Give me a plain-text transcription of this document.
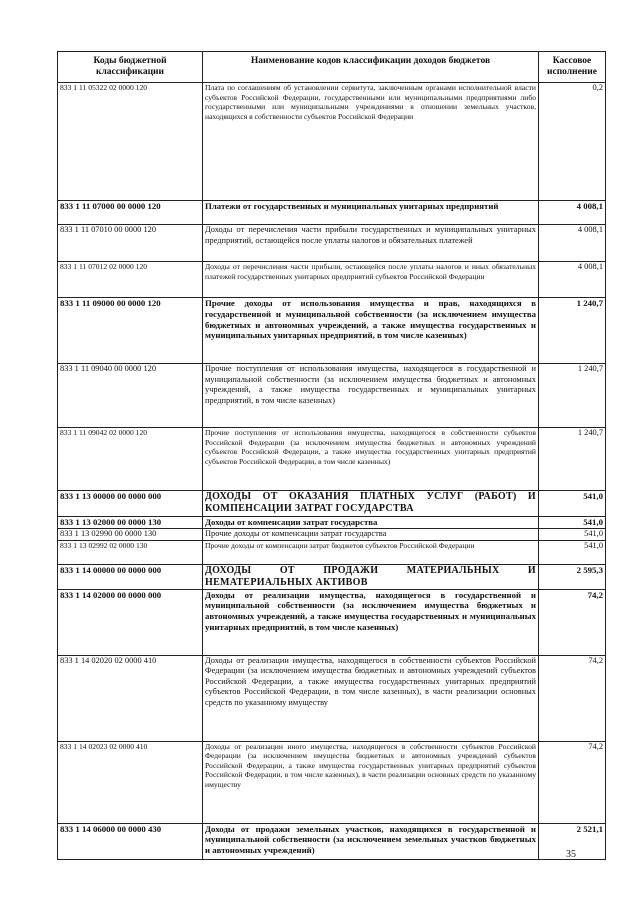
Коды бюджетной классификации	Наименование кодов классификации доходов бюджетов	Кассовое исполнение
833 1 11 05322 02 0000 120	Плата по соглашениям об установлении сервитута, заключенным органами исполнительной власти субъектов Российской Федерации, государственными или муниципальными предприятиями либо государственными или муниципальными учреждениями в отношении земельных участков, находящихся в собственности субъектов Российской Федерации	0,2
833 1 11 07000 00 0000 120	Платежи от государственных и муниципальных унитарных предприятий	4 008,1
833 1 11 07010 00 0000 120	Доходы от перечисления части прибыли государственных и муниципальных унитарных предприятий, остающейся после уплаты налогов и обязательных платежей	4 008,1
833 1 11 07012 02 0000 120	Доходы от перечисления части прибыли, остающейся после уплаты налогов и иных обязательных платежей государственных унитарных предприятий субъектов Российской Федерации	4 008,1
833 1 11 09000 00 0000 120	Прочие доходы от использования имущества и прав, находящихся в государственной и муниципальной собственности (за исключением имущества бюджетных и автономных учреждений, а также имущества государственных и муниципальных унитарных предприятий, в том числе казенных)	1 240,7
833 1 11 09040 00 0000 120	Прочие поступления от использования имущества, находящегося в государственной и муниципальной собственности (за исключением имущества бюджетных и автономных учреждений, а также имущества государственных и муниципальных унитарных предприятий, в том числе казенных)	1 240,7
833 1 11 09042 02 0000 120	Прочие поступления от использования имущества, находящегося в собственности субъектов Российской Федерации (за исключением имущества бюджетных и автономных учреждений субъектов Российской Федерации, а также имущества государственных унитарных предприятий субъектов Российской Федерации, в том числе казенных)	1 240,7
833 1 13 00000 00 0000 000	ДОХОДЫ ОТ ОКАЗАНИЯ ПЛАТНЫХ УСЛУГ (РАБОТ) И КОМПЕНСАЦИИ ЗАТРАТ ГОСУДАРСТВА	541,0
833 1 13 02000 00 0000 130	Доходы от компенсации затрат государства	541,0
833 1 13 02990 00 0000 130	Прочие доходы от компенсации затрат государства	541,0
833 1 13 02992 02 0000 130	Прочие доходы от компенсации затрат бюджетов субъектов Российской Федерации	541,0
833 1 14 00000 00 0000 000	ДОХОДЫ ОТ ПРОДАЖИ МАТЕРИАЛЬНЫХ И НЕМАТЕРИАЛЬНЫХ АКТИВОВ	2 595,3
833 1 14 02000 00 0000 000	Доходы от реализации имущества, находящегося в государственной и муниципальной собственности (за исключением имущества бюджетных и автономных учреждений, а также имущества государственных и муниципальных унитарных предприятий, в том числе казенных)	74,2
833 1 14 02020 02 0000 410	Доходы от реализации имущества, находящегося в собственности субъектов Российской Федерации (за исключением имущества бюджетных и автономных учреждений субъектов Российской Федерации, а также имущества государственных унитарных предприятий субъектов Российской Федерации, в том числе казенных), в части реализации основных средств по указанному имуществу	74,2
833 1 14 02023 02 0000 410	Доходы от реализации иного имущества, находящегося в собственности субъектов Российской Федерации (за исключением имущества бюджетных и автономных учреждений субъектов Российской Федерации, а также имущества государственных унитарных предприятий субъектов Российской Федерации, в том числе казенных), в части реализации основных средств по указанному имуществу	74,2
833 1 14 06000 00 0000 430	Доходы от продажи земельных участков, находящихся в государственной и муниципальной собственности (за исключением земельных участков бюджетных и автономных учреждений)	2 521,1
35
